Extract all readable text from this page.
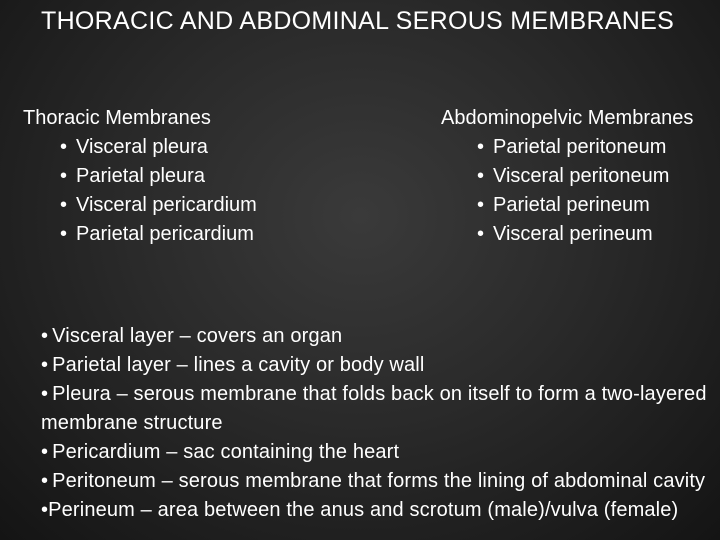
THORACIC AND ABDOMINAL SEROUS MEMBRANES
Thoracic Membranes
• Visceral pleura
• Parietal pleura
• Visceral pericardium
• Parietal pericardium
Abdominopelvic Membranes
• Parietal peritoneum
• Visceral peritoneum
• Parietal perineum
• Visceral perineum
• Visceral layer – covers an organ
• Parietal layer – lines a cavity or body wall
• Pleura – serous membrane that folds back on itself to form a two-layered membrane structure
• Pericardium – sac containing the heart
• Peritoneum – serous membrane that forms the lining of abdominal cavity
•Perineum – area between the anus and scrotum (male)/vulva (female)
